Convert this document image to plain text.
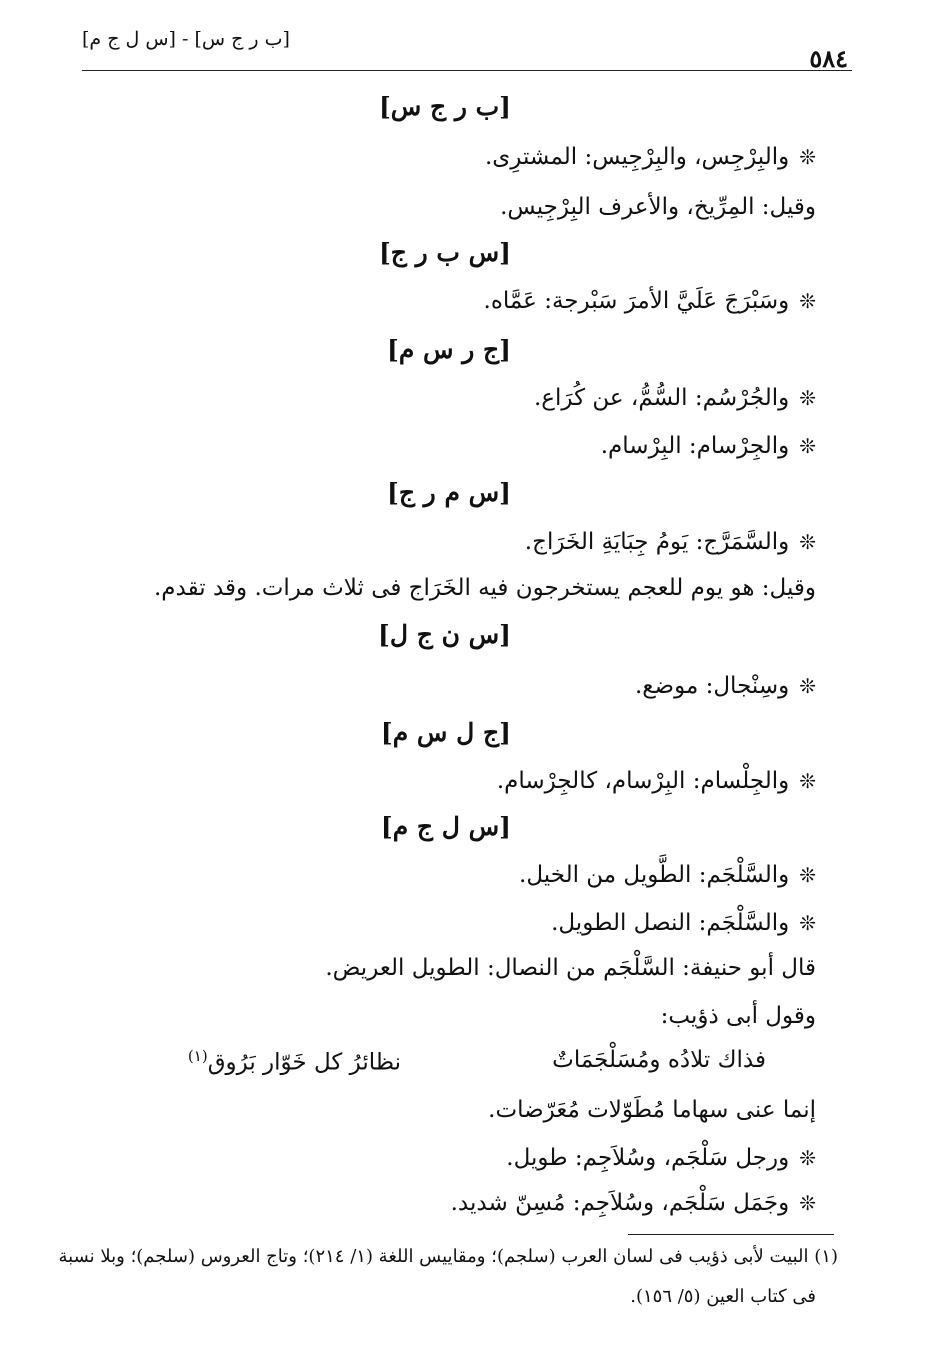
[ب ر ج س] - [س ل ج م]
٥٨٤
[ب ر ج س]
❊والبِرْجِس، والبِرْجِيس: المشترِى.
وقيل: المِرِّيخ، والأعرف البِرْجِيس.
[س ب ر ج]
❊وسَبْرَجَ عَلَيَّ الأمرَ سَبْرجة: عَمَّاه.
[ج ر س م]
❊والجُرْسُم: السُّمُّ، عن كُرَاع.
❊والجِرْسام: البِرْسام.
[س م ر ج]
❊والسَّمَرَّج: يَومُ جِبَايَةِ الخَرَاج.
وقيل: هو يوم للعجم يستخرجون فيه الخَرَاج فى ثلاث مرات. وقد تقدم.
[س ن ج ل]
❊وسِنْجال: موضع.
[ج ل س م]
❊والجِلْسام: البِرْسام، كالجِرْسام.
[س ل ج م]
❊والسَّلْجَم: الطَّويل من الخيل.
❊والسَّلْجَم: النصل الطويل.
قال أبو حنيفة: السَّلْجَم من النصال: الطويل العريض.
وقول أبى ذؤيب:
فذاك تلادُه ومُسَلْجَمَاتٌ
نظائرُ كل خَوّار بَرُوق$^{(١)}$
إنما عنى سهاما مُطَوّلات مُعَرّضات.
❊ورجل سَلْجَم، وسُلاَجِم: طويل.
❊وجَمَل سَلْجَم، وسُلاَجِم: مُسِنّ شديد.
(١) البيت لأبى ذؤيب فى لسان العرب (سلجم)؛ ومقاييس اللغة (١/ ٢١٤)؛ وتاج العروس (سلجم)؛ وبلا نسبة
فى كتاب العين (٥/ ١٥٦).
